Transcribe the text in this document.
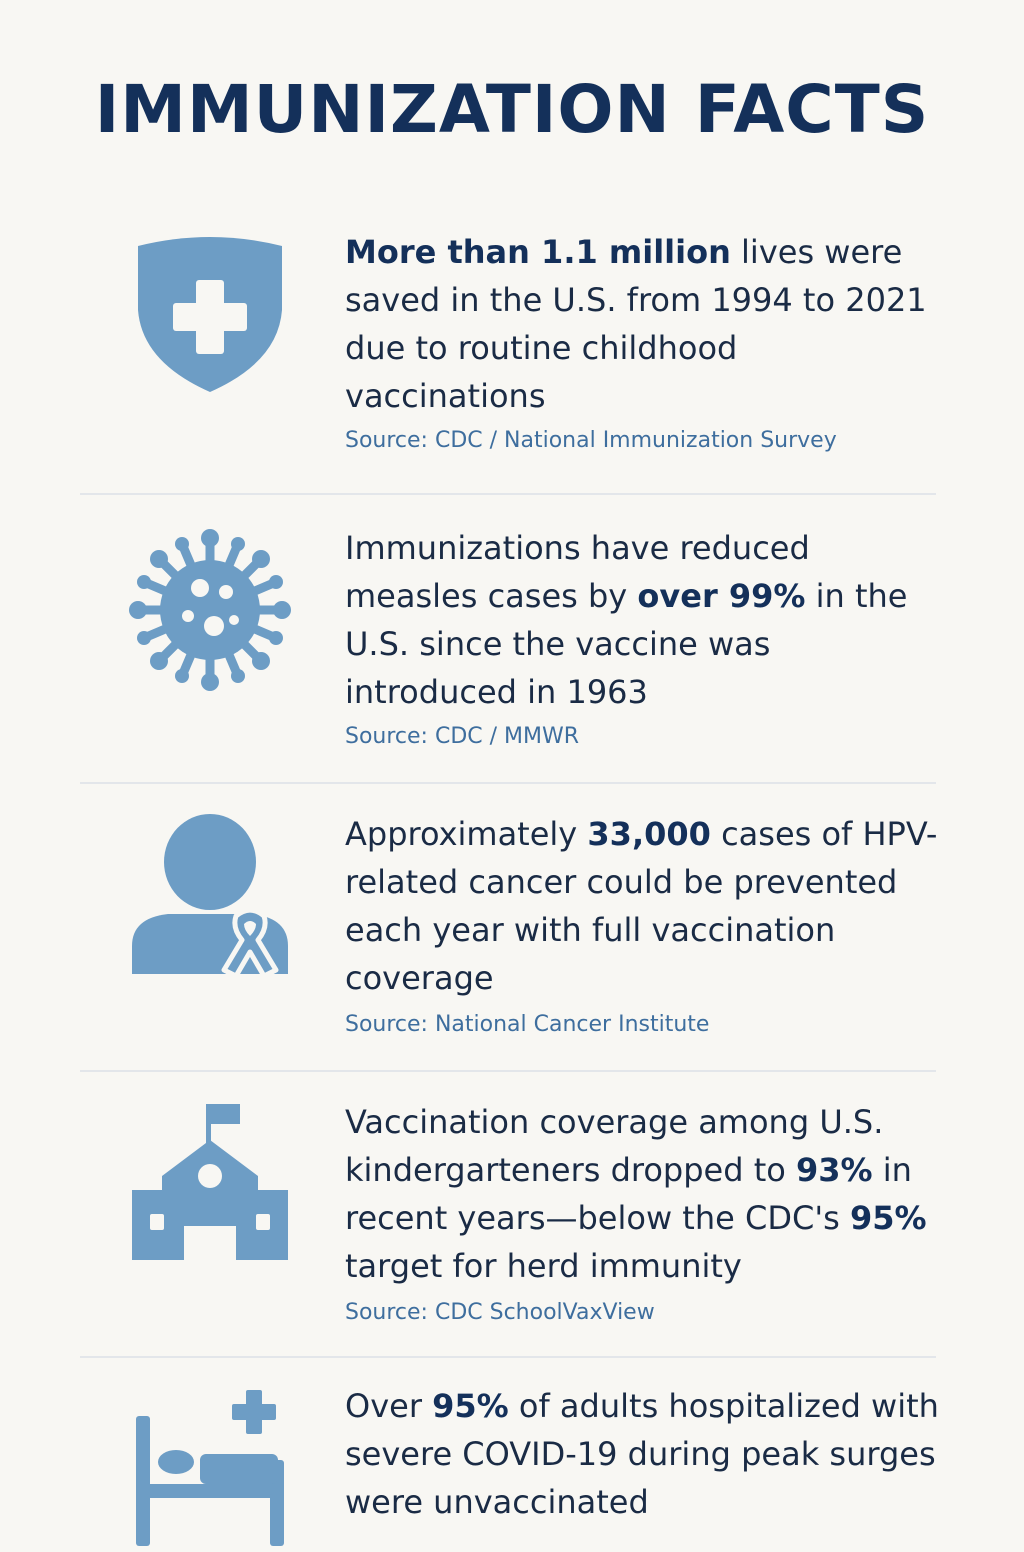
IMMUNIZATION FACTS
More than 1.1 million lives were saved in the U.S. from 1994 to 2021 due to routine childhood vaccinations
Source: CDC / National Immunization Survey
Immunizations have reduced measles cases by over 99% in the U.S. since the vaccine was introduced in 1963
Source: CDC / MMWR
Approximately 33,000 cases of HPV-related cancer could be prevented each year with full vaccination coverage
Source: National Cancer Institute
Vaccination coverage among U.S. kindergarteners dropped to 93% in recent years—below the CDC's 95% target for herd immunity
Source: CDC SchoolVaxView
Over 95% of adults hospitalized with severe COVID-19 during peak surges were unvaccinated
